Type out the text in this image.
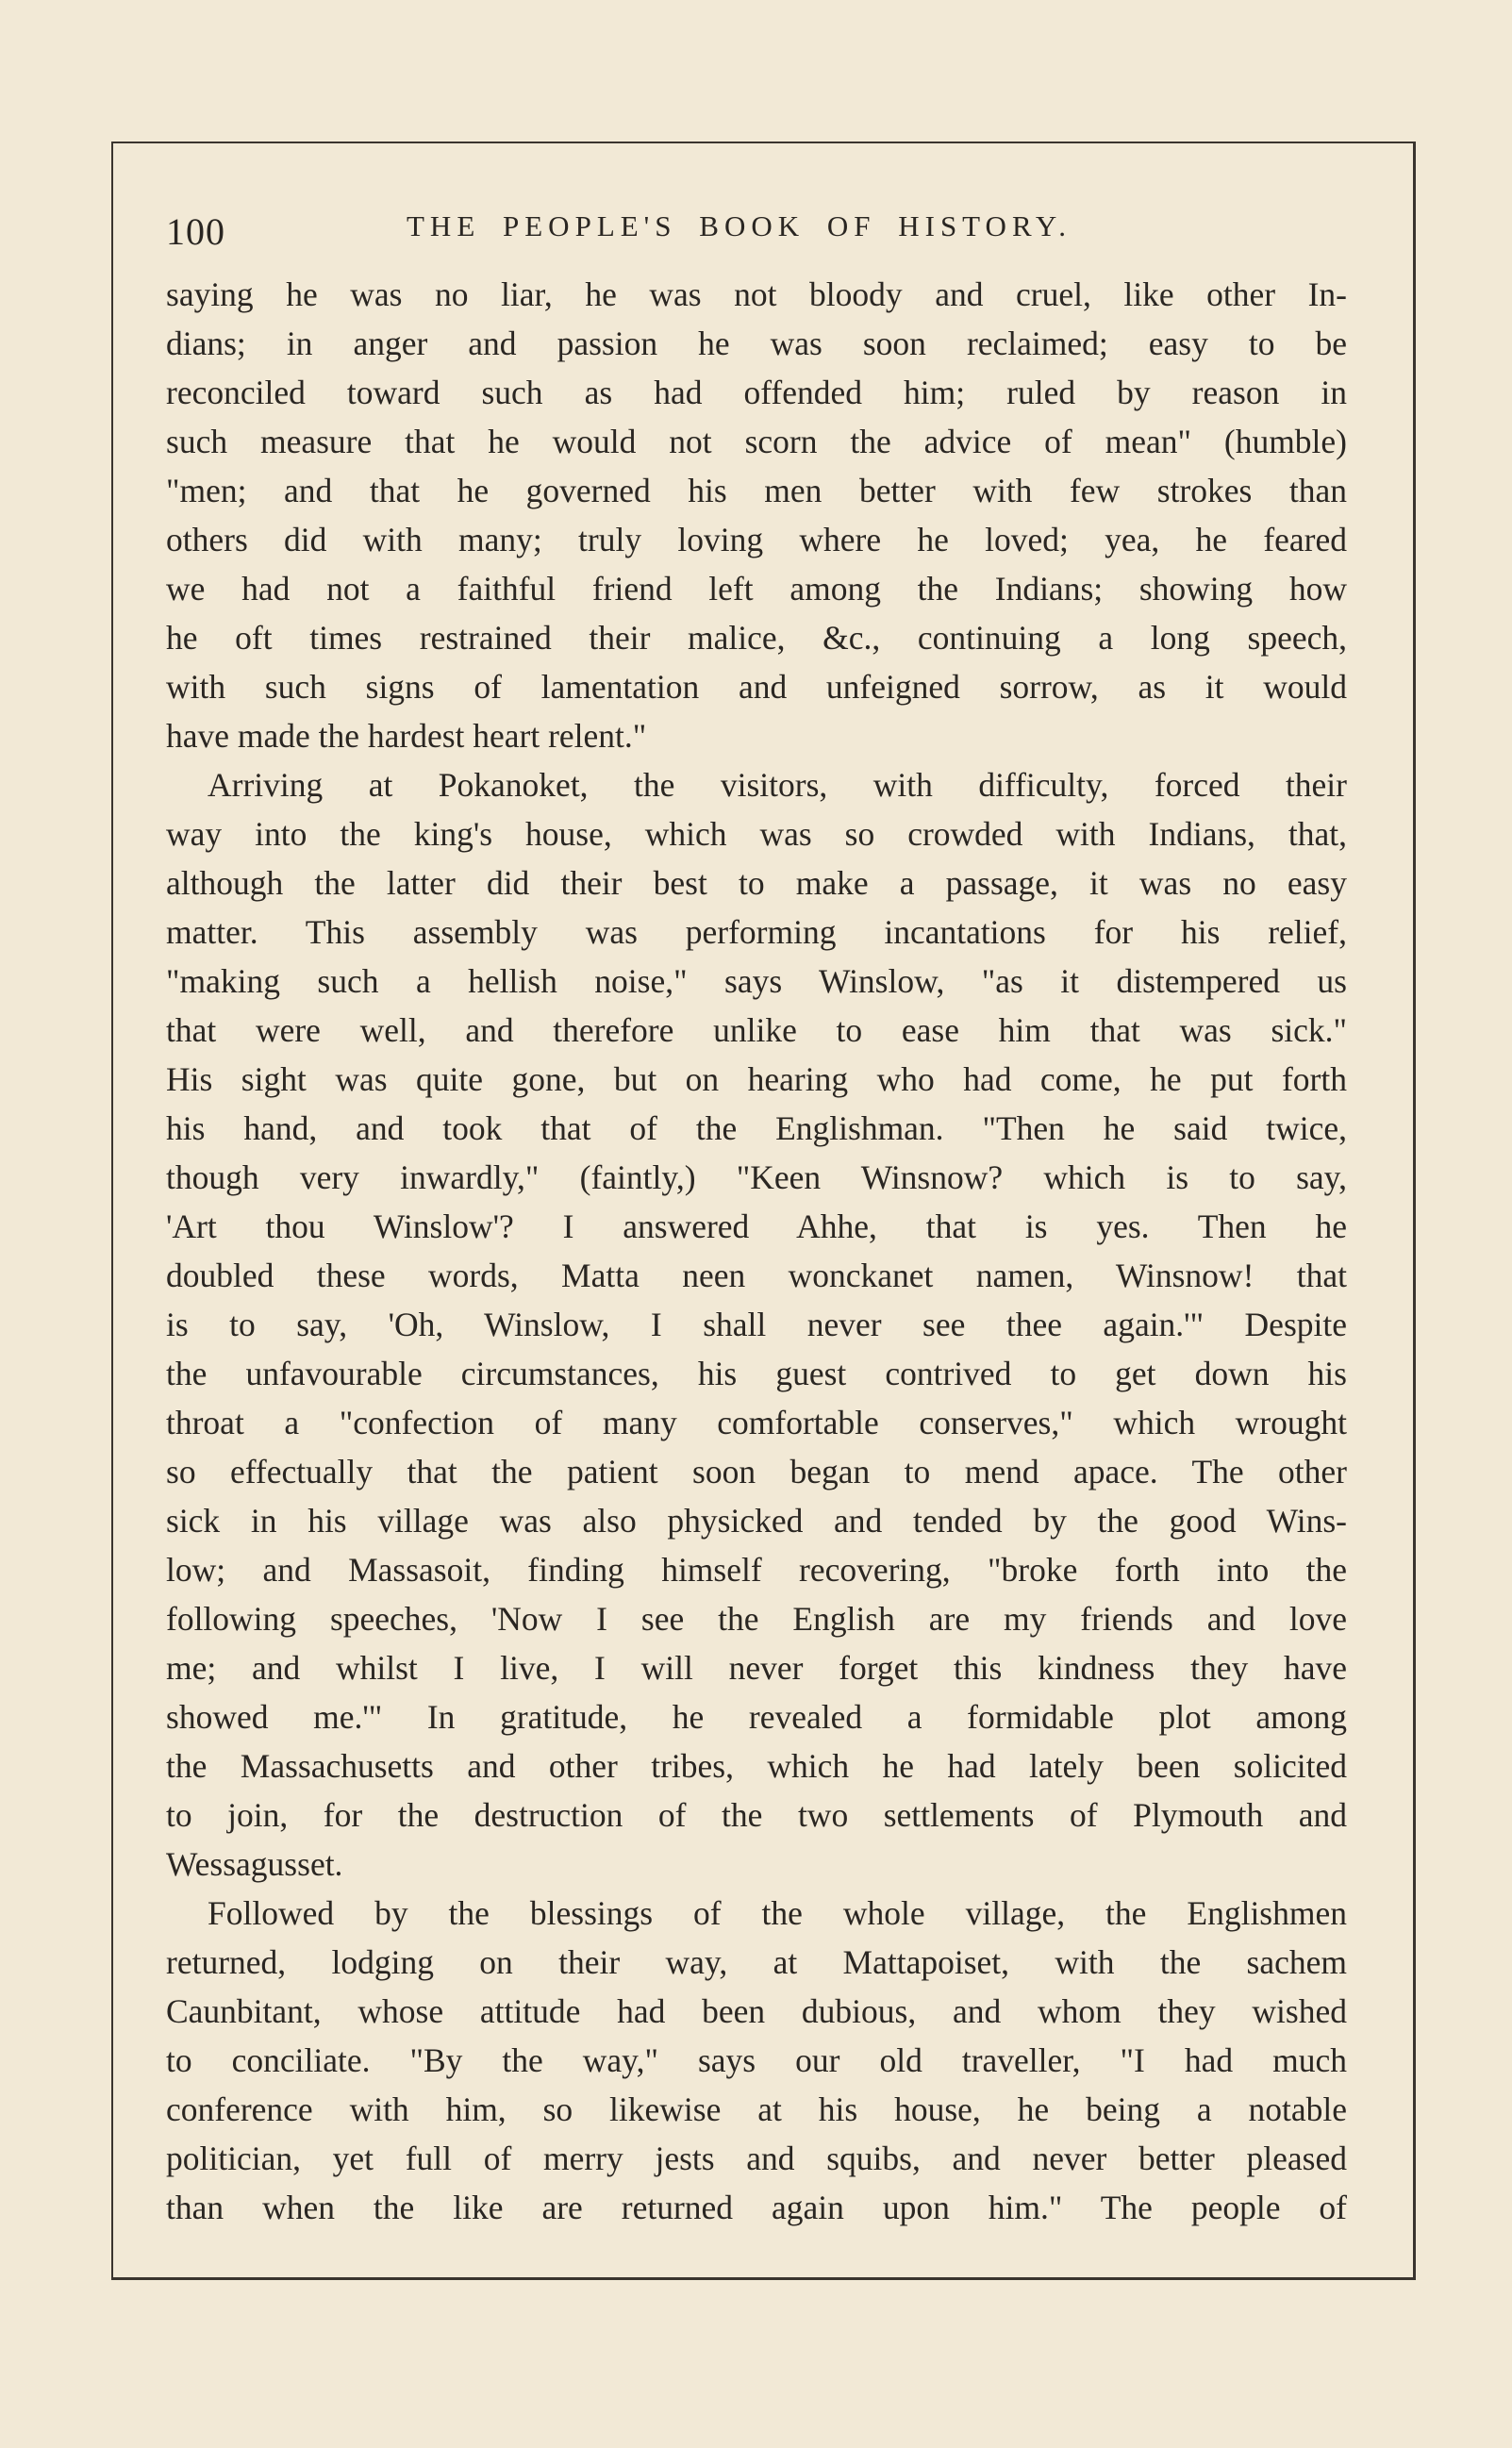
100	THE PEOPLE'S BOOK OF HISTORY.
saying he was no liar, he was not bloody and cruel, like other In-
dians; in anger and passion he was soon reclaimed; easy to be
reconciled toward such as had offended him; ruled by reason in
such measure that he would not scorn the advice of mean" (humble)
"men; and that he governed his men better with few strokes than
others did with many; truly loving where he loved; yea, he feared
we had not a faithful friend left among the Indians; showing how
he oft times restrained their malice, &c., continuing a long speech,
with such signs of lamentation and unfeigned sorrow, as it would
have made the hardest heart relent."
Arriving at Pokanoket, the visitors, with difficulty, forced their
way into the king's house, which was so crowded with Indians, that,
although the latter did their best to make a passage, it was no easy
matter. This assembly was performing incantations for his relief,
"making such a hellish noise," says Winslow, "as it distempered us
that were well, and therefore unlike to ease him that was sick."
His sight was quite gone, but on hearing who had come, he put forth
his hand, and took that of the Englishman. "Then he said twice,
though very inwardly," (faintly,) "Keen Winsnow? which is to say,
'Art thou Winslow'? I answered Ahhe, that is yes. Then he
doubled these words, Matta neen wonckanet namen, Winsnow! that
is to say, 'Oh, Winslow, I shall never see thee again.'" Despite
the unfavourable circumstances, his guest contrived to get down his
throat a "confection of many comfortable conserves," which wrought
so effectually that the patient soon began to mend apace. The other
sick in his village was also physicked and tended by the good Wins-
low; and Massasoit, finding himself recovering, "broke forth into the
following speeches, 'Now I see the English are my friends and love
me; and whilst I live, I will never forget this kindness they have
showed me.'" In gratitude, he revealed a formidable plot among
the Massachusetts and other tribes, which he had lately been solicited
to join, for the destruction of the two settlements of Plymouth and
Wessagusset.
Followed by the blessings of the whole village, the Englishmen
returned, lodging on their way, at Mattapoiset, with the sachem
Caunbitant, whose attitude had been dubious, and whom they wished
to conciliate. "By the way," says our old traveller, "I had much
conference with him, so likewise at his house, he being a notable
politician, yet full of merry jests and squibs, and never better pleased
than when the like are returned again upon him." The people of
